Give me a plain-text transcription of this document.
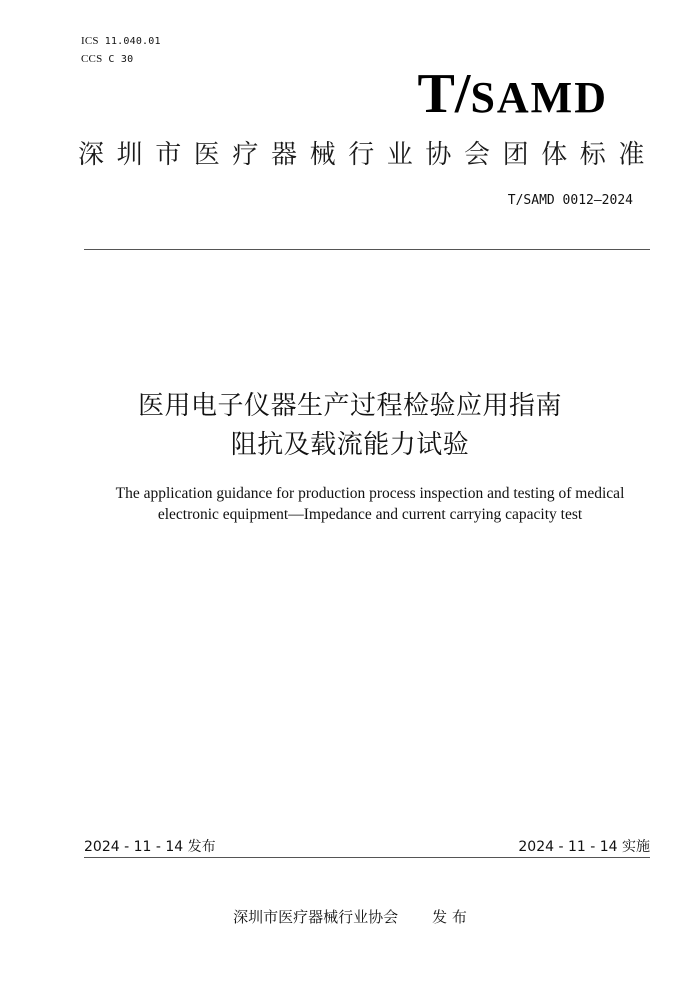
ICS 11.040.01
CCS C 30
T/SAMD
深圳市医疗器械行业协会团体标准
T/SAMD 0012—2024
医用电子仪器生产过程检验应用指南
阻抗及载流能力试验
The application guidance for production process inspection and testing of medical
electronic equipment—Impedance and current carrying capacity test
2024 - 11 - 14 发布	2024 - 11 - 14 实施
深圳市医疗器械行业协会 发 布
